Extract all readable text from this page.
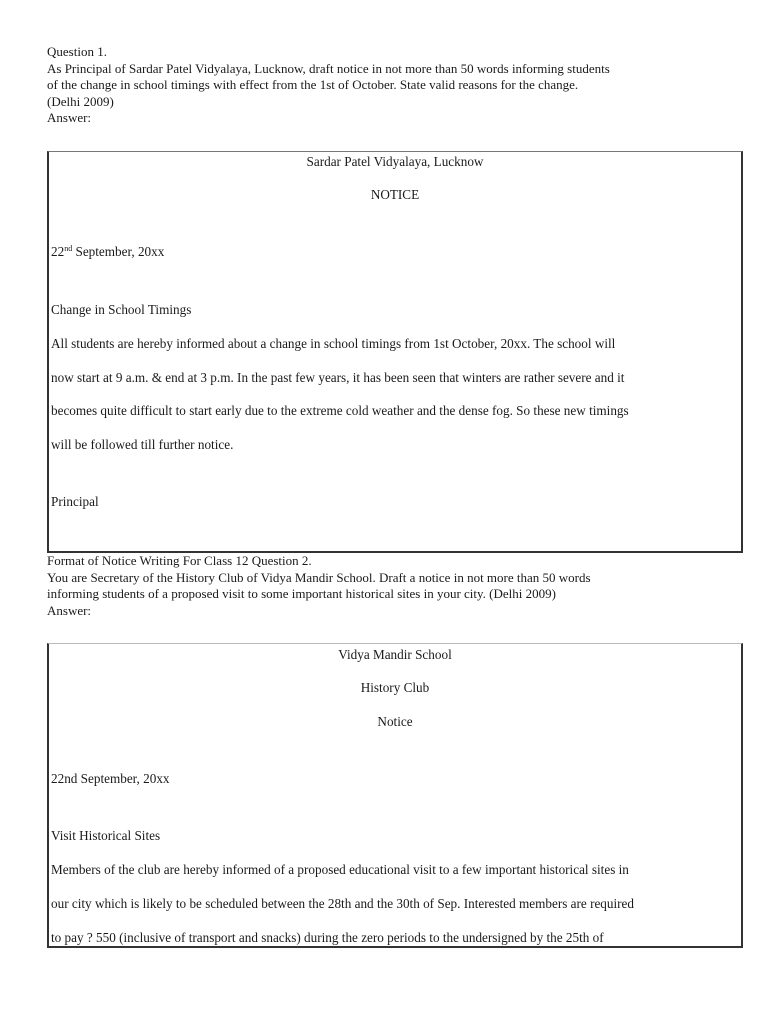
Question 1.
As Principal of Sardar Patel Vidyalaya, Lucknow, draft notice in not more than 50 words informing students
of the change in school timings with effect from the 1st of October. State valid reasons for the change.
(Delhi 2009)
Answer:
Sardar Patel Vidyalaya, Lucknow
NOTICE
22nd September, 20xx
Change in School Timings
All students are hereby informed about a change in school timings from 1st October, 20xx. The school will
now start at 9 a.m. & end at 3 p.m. In the past few years, it has been seen that winters are rather severe and it
becomes quite difficult to start early due to the extreme cold weather and the dense fog. So these new timings
will be followed till further notice.
Principal
Format of Notice Writing For Class 12 Question 2.
You are Secretary of the History Club of Vidya Mandir School. Draft a notice in not more than 50 words
informing students of a proposed visit to some important historical sites in your city. (Delhi 2009)
Answer:
Vidya Mandir School
History Club
Notice
22nd September, 20xx
Visit Historical Sites
Members of the club are hereby informed of a proposed educational visit to a few important historical sites in
our city which is likely to be scheduled between the 28th and the 30th of Sep. Interested members are required
to pay ? 550 (inclusive of transport and snacks) during the zero periods to the undersigned by the 25th of
